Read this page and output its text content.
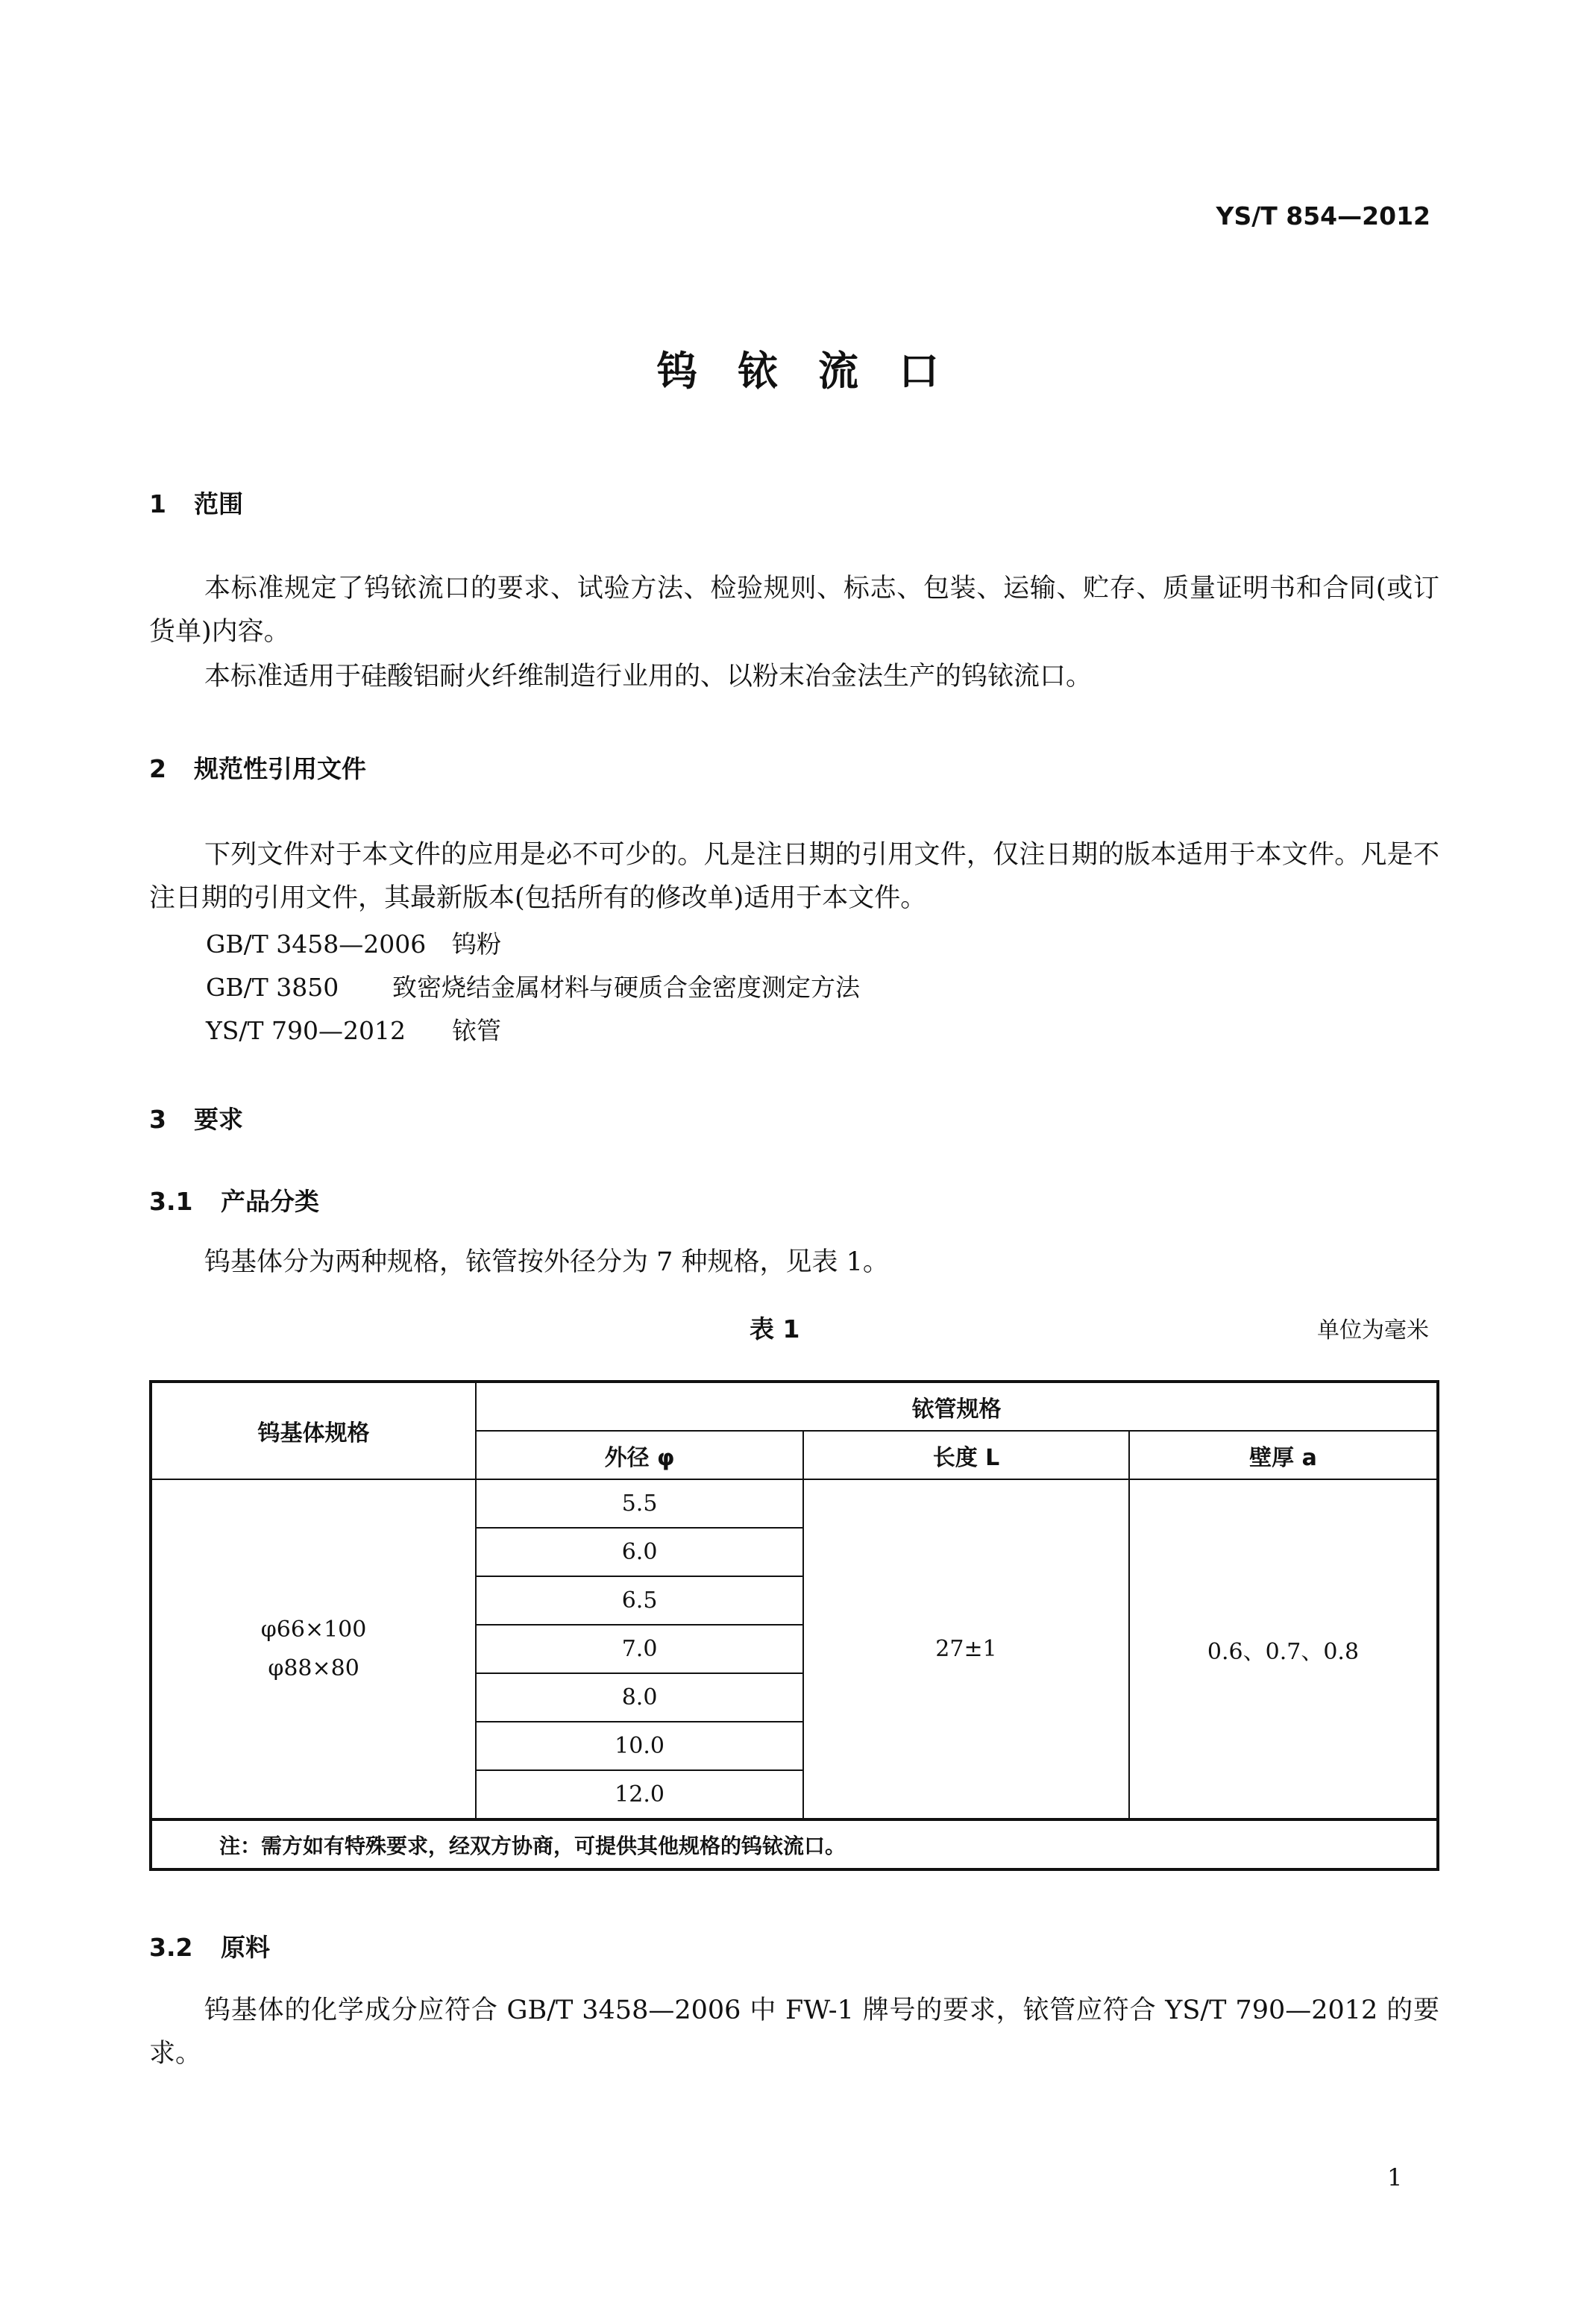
YS/T 854—2012
钨铱流口
1 范围
本标准规定了钨铱流口的要求、试验方法、检验规则、标志、包装、运输、贮存、质量证明书和合同(或订货单)内容。
本标准适用于硅酸铝耐火纤维制造行业用的、以粉末冶金法生产的钨铱流口。
2 规范性引用文件
下列文件对于本文件的应用是必不可少的。凡是注日期的引用文件，仅注日期的版本适用于本文件。凡是不注日期的引用文件，其最新版本(包括所有的修改单)适用于本文件。
GB/T 3458—2006 钨粉
GB/T 3850 致密烧结金属材料与硬质合金密度测定方法
YS/T 790—2012 铱管
3 要求
3.1 产品分类
钨基体分为两种规格，铱管按外径分为 7 种规格，见表 1。
表 1	单位为毫米
钨基体规格	铱管规格		
	外径 φ	长度 L	壁厚 a

φ66×100
φ88×80	5.5	27±1	0.6、0.7、0.8
	6.0		
	6.5		
	7.0		
	8.0		
	10.0		
	12.0		
注：需方如有特殊要求，经双方协商，可提供其他规格的钨铱流口。			
3.2 原料
钨基体的化学成分应符合 GB/T 3458—2006 中 FW-1 牌号的要求，铱管应符合 YS/T 790—2012 的要求。
1
